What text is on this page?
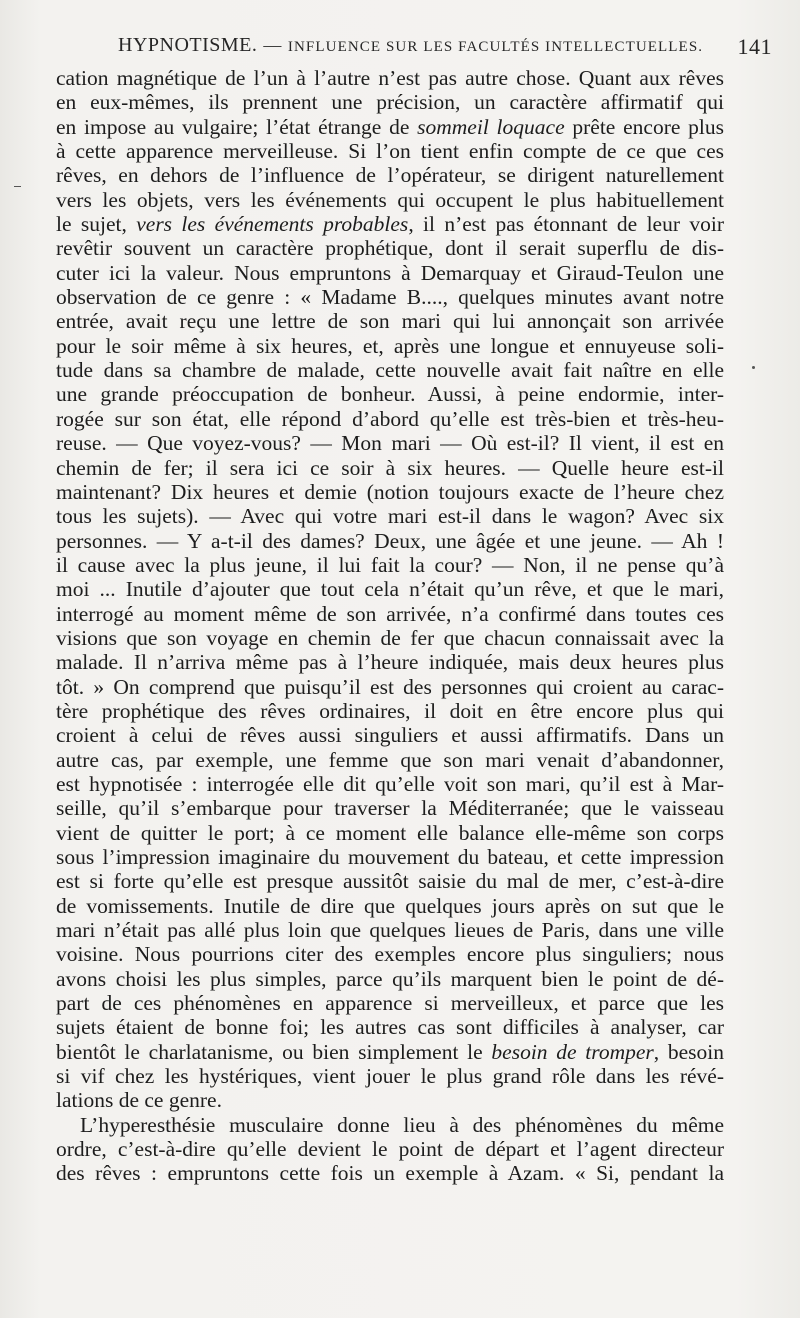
HYPNOTISME. — INFLUENCE SUR LES FACULTÉS INTELLECTUELLES. 141

cation magnétique de l’un à l’autre n’est pas autre chose. Quant aux rêves
en eux-mêmes, ils prennent une précision, un caractère affirmatif qui
en impose au vulgaire; l’état étrange de sommeil loquace prête encore plus
à cette apparence merveilleuse. Si l’on tient enfin compte de ce que ces
rêves, en dehors de l’influence de l’opérateur, se dirigent naturellement
vers les objets, vers les événements qui occupent le plus habituellement
le sujet, vers les événements probables, il n’est pas étonnant de leur voir
revêtir souvent un caractère prophétique, dont il serait superflu de dis-
cuter ici la valeur. Nous empruntons à Demarquay et Giraud-Teulon une
observation de ce genre : « Madame B...., quelques minutes avant notre
entrée, avait reçu une lettre de son mari qui lui annonçait son arrivée
pour le soir même à six heures, et, après une longue et ennuyeuse soli-
tude dans sa chambre de malade, cette nouvelle avait fait naître en elle
une grande préoccupation de bonheur. Aussi, à peine endormie, inter-
rogée sur son état, elle répond d’abord qu’elle est très-bien et très-heu-
reuse. — Que voyez-vous? — Mon mari — Où est-il? Il vient, il est en
chemin de fer; il sera ici ce soir à six heures. — Quelle heure est-il
maintenant? Dix heures et demie (notion toujours exacte de l’heure chez
tous les sujets). — Avec qui votre mari est-il dans le wagon? Avec six
personnes. — Y a-t-il des dames? Deux, une âgée et une jeune. — Ah !
il cause avec la plus jeune, il lui fait la cour? — Non, il ne pense qu’à
moi ... Inutile d’ajouter que tout cela n’était qu’un rêve, et que le mari,
interrogé au moment même de son arrivée, n’a confirmé dans toutes ces
visions que son voyage en chemin de fer que chacun connaissait avec la
malade. Il n’arriva même pas à l’heure indiquée, mais deux heures plus
tôt. » On comprend que puisqu’il est des personnes qui croient au carac-
tère prophétique des rêves ordinaires, il doit en être encore plus qui
croient à celui de rêves aussi singuliers et aussi affirmatifs. Dans un
autre cas, par exemple, une femme que son mari venait d’abandonner,
est hypnotisée : interrogée elle dit qu’elle voit son mari, qu’il est à Mar-
seille, qu’il s’embarque pour traverser la Méditerranée; que le vaisseau
vient de quitter le port; à ce moment elle balance elle-même son corps
sous l’impression imaginaire du mouvement du bateau, et cette impression
est si forte qu’elle est presque aussitôt saisie du mal de mer, c’est-à-dire
de vomissements. Inutile de dire que quelques jours après on sut que le
mari n’était pas allé plus loin que quelques lieues de Paris, dans une ville
voisine. Nous pourrions citer des exemples encore plus singuliers; nous
avons choisi les plus simples, parce qu’ils marquent bien le point de dé-
part de ces phénomènes en apparence si merveilleux, et parce que les
sujets étaient de bonne foi; les autres cas sont difficiles à analyser, car
bientôt le charlatanisme, ou bien simplement le besoin de tromper, besoin
si vif chez les hystériques, vient jouer le plus grand rôle dans les révé-
lations de ce genre.

L’hyperesthésie musculaire donne lieu à des phénomènes du même
ordre, c’est-à-dire qu’elle devient le point de départ et l’agent directeur
des rêves : empruntons cette fois un exemple à Azam. « Si, pendant la
